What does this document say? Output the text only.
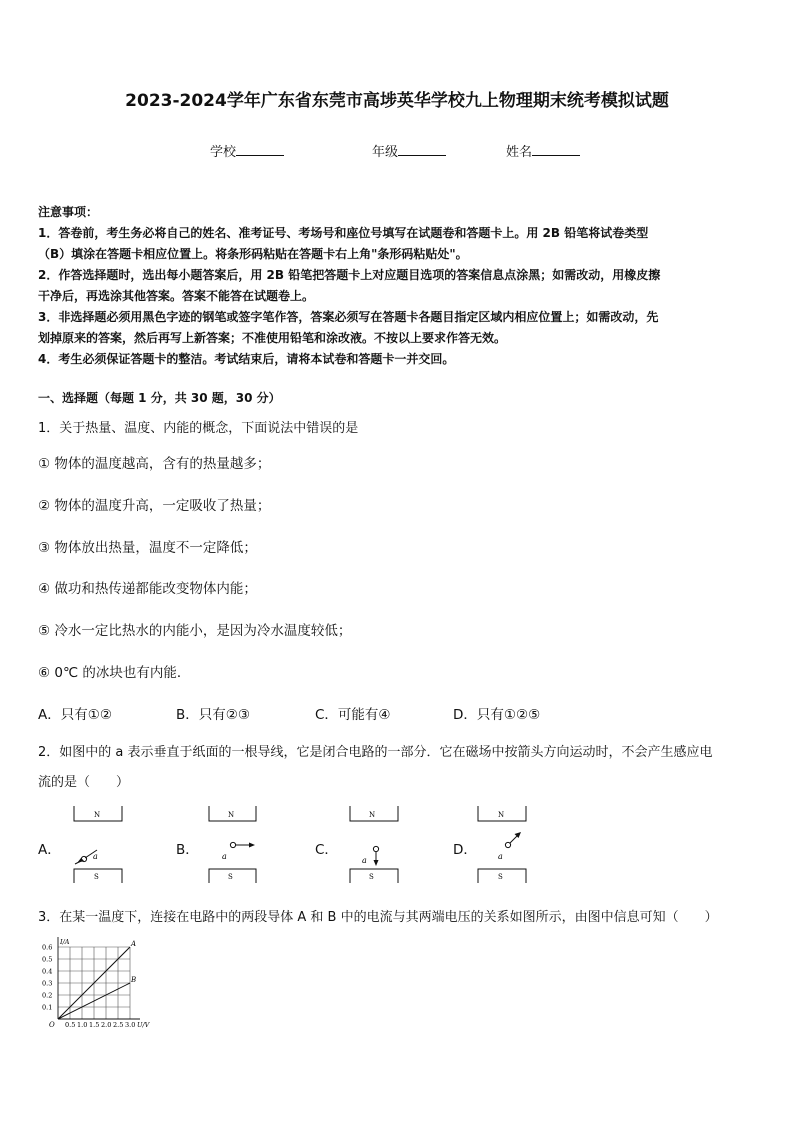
2023-2024学年广东省东莞市高埗英华学校九上物理期末统考模拟试题
学校	年级	姓名
注意事项：
1．答卷前，考生务必将自己的姓名、准考证号、考场号和座位号填写在试题卷和答题卡上。用 2B 铅笔将试卷类型
（B）填涂在答题卡相应位置上。将条形码粘贴在答题卡右上角"条形码粘贴处"。
2．作答选择题时，选出每小题答案后，用 2B 铅笔把答题卡上对应题目选项的答案信息点涂黑；如需改动，用橡皮擦
干净后，再选涂其他答案。答案不能答在试题卷上。
3．非选择题必须用黑色字迹的钢笔或签字笔作答，答案必须写在答题卡各题目指定区域内相应位置上；如需改动，先
划掉原来的答案，然后再写上新答案；不准使用铅笔和涂改液。不按以上要求作答无效。
4．考生必须保证答题卡的整洁。考试结束后，请将本试卷和答题卡一并交回。
一、选择题（每题 1 分，共 30 题，30 分）
1．关于热量、温度、内能的概念，下面说法中错误的是
① 物体的温度越高，含有的热量越多；
② 物体的温度升高，一定吸收了热量；
③ 物体放出热量，温度不一定降低；
④ 做功和热传递都能改变物体内能；
⑤ 冷水一定比热水的内能小，是因为冷水温度较低；
⑥ 0℃ 的冰块也有内能．
A．只有①②	B．只有②③	C．可能有④	D．只有①②⑤
2．如图中的 a 表示垂直于纸面的一根导线，它是闭合电路的一部分．它在磁场中按箭头方向运动时，不会产生感应电
流的是（　　）
A．	B．	C．	D．
N
a
S
N
a
S
N
a
S
N
a
S
3．在某一温度下，连接在电路中的两段导体 A 和 B 中的电流与其两端电压的关系如图所示，由图中信息可知（　　）
0.5 1.0 1.5 2.0 2.5 3.0
0.1
0.2
0.3
0.4
0.5
0.6
U/V
I/A
O
A
B
